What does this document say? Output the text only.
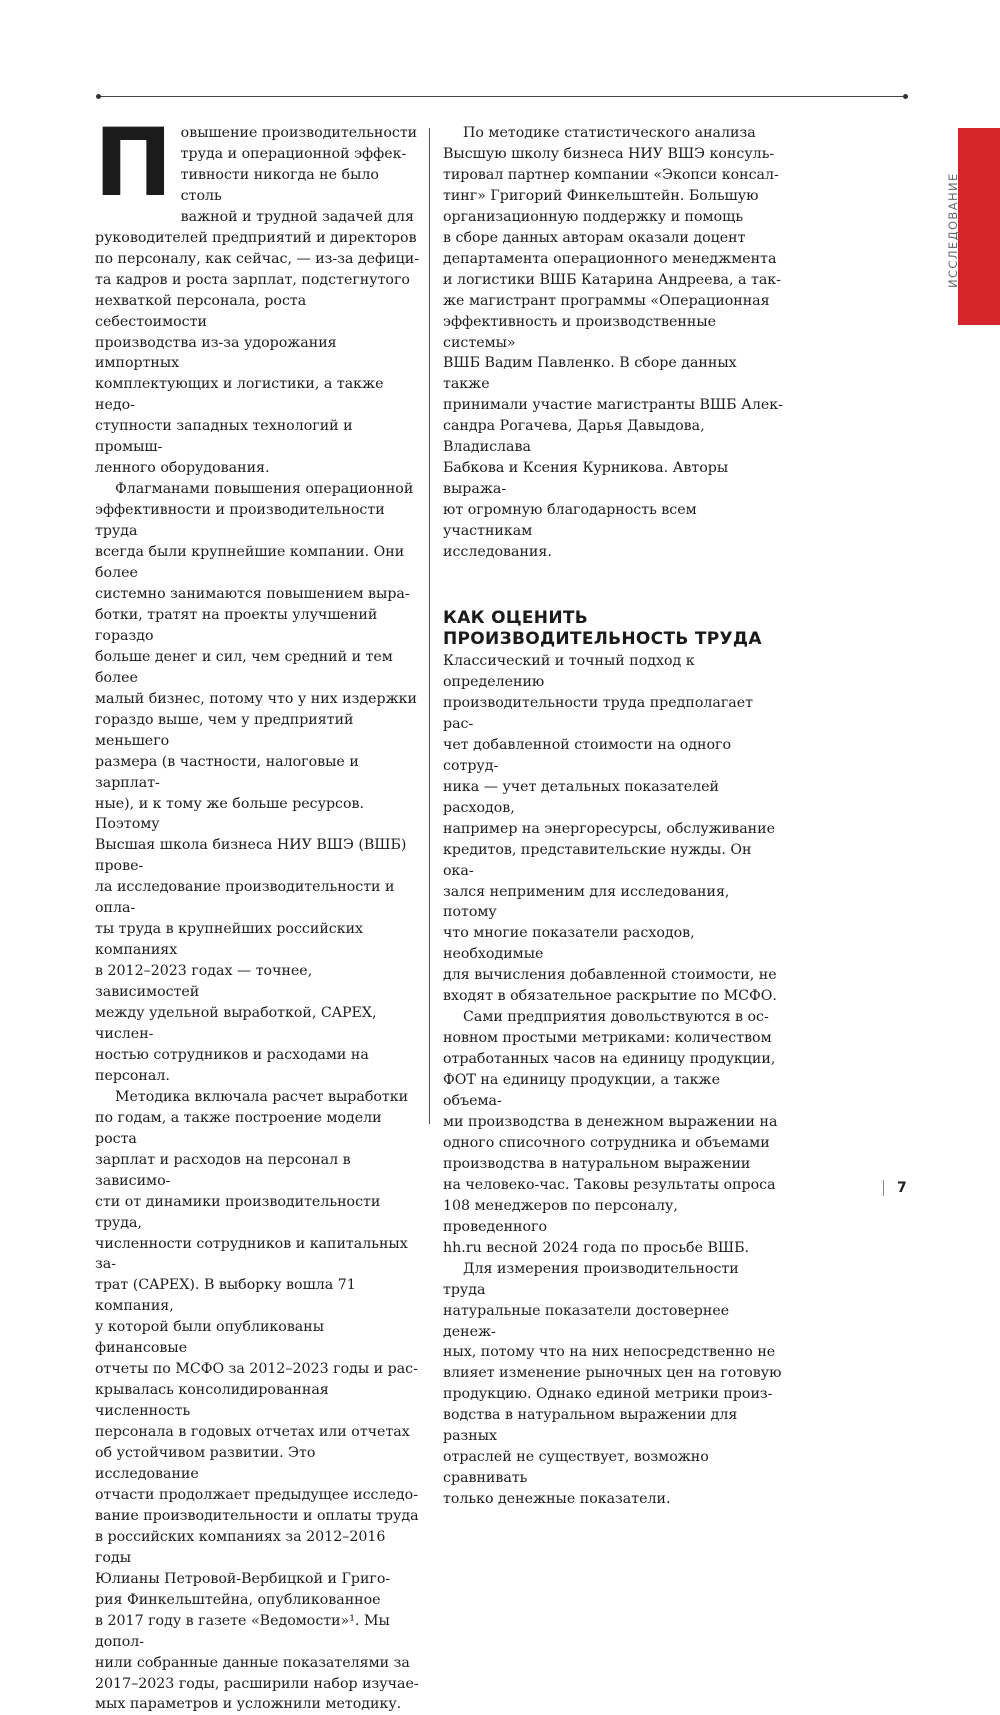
ИССЛЕДОВАНИЕ
П овышение производительности
труда и операционной эффек-
тивности никогда не было столь
важной и трудной задачей для
руководителей предприятий и директоров
по персоналу, как сейчас, — из-за дефици-
та кадров и роста зарплат, подстегнутого
нехваткой персонала, роста себестоимости
производства из-за удорожания импортных
комплектующих и логистики, а также недо-
ступности западных технологий и промыш-
ленного оборудования.

Флагманами повышения операционной
эффективности и производительности труда
всегда были крупнейшие компании. Они более
системно занимаются повышением выра-
ботки, тратят на проекты улучшений гораздо
больше денег и сил, чем средний и тем более
малый бизнес, потому что у них издержки
гораздо выше, чем у предприятий меньшего
размера (в частности, налоговые и зарплат-
ные), и к тому же больше ресурсов. Поэтому
Высшая школа бизнеса НИУ ВШЭ (ВШБ) прове-
ла исследование производительности и опла-
ты труда в крупнейших российских компаниях
в 2012–2023 годах — точнее, зависимостей
между удельной выработкой, CAPEX, числен-
ностью сотрудников и расходами на персонал.

Методика включала расчет выработки
по годам, а также построение модели роста
зарплат и расходов на персонал в зависимо-
сти от динамики производительности труда,
численности сотрудников и капитальных за-
трат (CAPEX). В выборку вошла 71 компания,
у которой были опубликованы финансовые
отчеты по МСФО за 2012–2023 годы и рас-
крывалась консолидированная численность
персонала в годовых отчетах или отчетах
об устойчивом развитии. Это исследование
отчасти продолжает предыдущее исследо-
вание производительности и оплаты труда
в российских компаниях за 2012–2016 годы
Юлианы Петровой-Вербицкой и Григо-
рия Финкельштейна, опубликованное
в 2017 году в газете «Ведомости»¹. Мы допол-
нили собранные данные показателями за
2017–2023 годы, расширили набор изучае-
мых параметров и усложнили методику.

По методике статистического анализа
Высшую школу бизнеса НИУ ВШЭ консуль-
тировал партнер компании «Экопси консал-
тинг» Григорий Финкельштейн. Большую
организационную поддержку и помощь
в сборе данных авторам оказали доцент
департамента операционного менеджмента
и логистики ВШБ Катарина Андреева, а так-
же магистрант программы «Операционная
эффективность и производственные системы»
ВШБ Вадим Павленко. В сборе данных также
принимали участие магистранты ВШБ Алек-
сандра Рогачева, Дарья Давыдова, Владислава
Бабкова и Ксения Курникова. Авторы выража-
ют огромную благодарность всем участникам
исследования.

КАК ОЦЕНИТЬ
ПРОИЗВОДИТЕЛЬНОСТЬ ТРУДА

Классический и точный подход к определению
производительности труда предполагает рас-
чет добавленной стоимости на одного сотруд-
ника — учет детальных показателей расходов,
например на энергоресурсы, обслуживание
кредитов, представительские нужды. Он ока-
зался неприменим для исследования, потому
что многие показатели расходов, необходимые
для вычисления добавленной стоимости, не
входят в обязательное раскрытие по МСФО.

Сами предприятия довольствуются в ос-
новном простыми метриками: количеством
отработанных часов на единицу продукции,
ФОТ на единицу продукции, а также объема-
ми производства в денежном выражении на
одного списочного сотрудника и объемами
производства в натуральном выражении
на человеко-час. Таковы результаты опроса
108 менеджеров по персоналу, проведенного
hh.ru весной 2024 года по просьбе ВШБ.

Для измерения производительности труда
натуральные показатели достовернее денеж-
ных, потому что на них непосредственно не
влияет изменение рыночных цен на готовую
продукцию. Однако единой метрики произ-
водства в натуральном выражении для разных
отраслей не существует, возможно сравнивать
только денежные показатели.

7
